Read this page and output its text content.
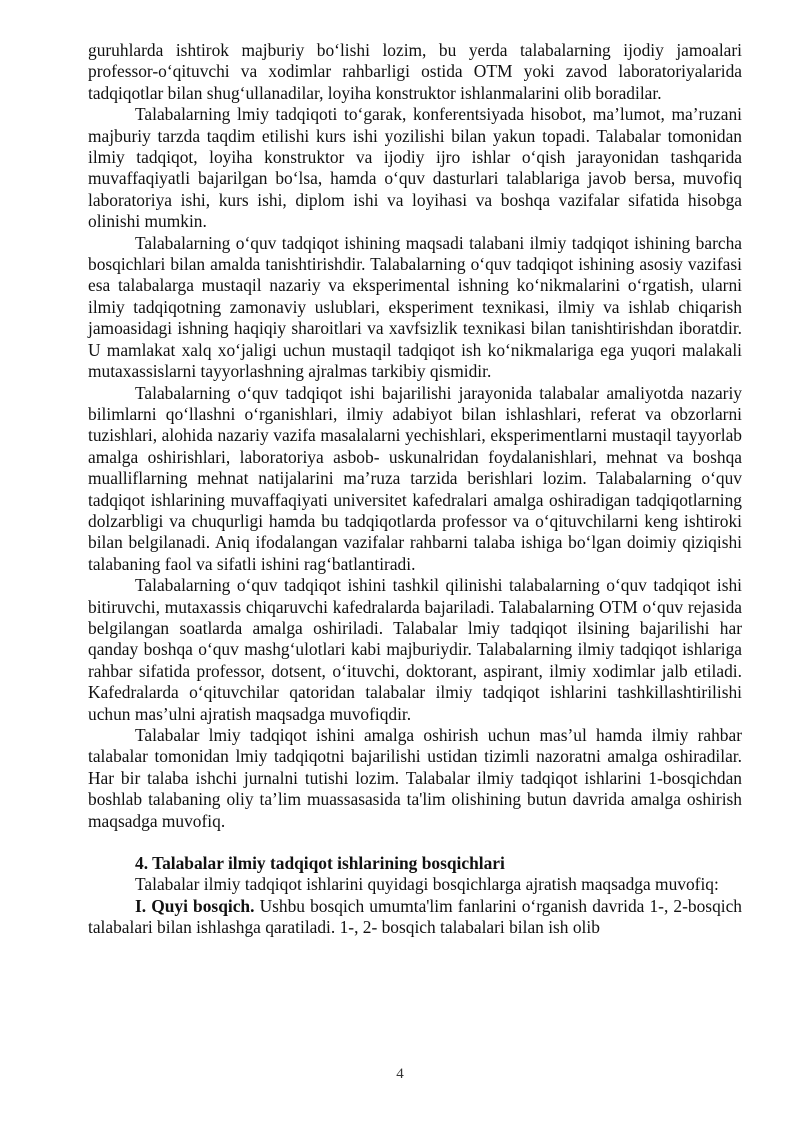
guruhlarda ishtirok majburiy bo‘lishi lozim, bu yerda talabalarning ijodiy jamoalari professor-o‘qituvchi va xodimlar rahbarligi ostida OTM yoki zavod laboratoriyalarida tadqiqotlar bilan shug‘ullanadilar, loyiha konstruktor ishlanmalarini olib boradilar.

Talabalarning lmiy tadqiqoti to‘garak, konferentsiyada hisobot, ma’lumot, ma’ruzani majburiy tarzda taqdim etilishi kurs ishi yozilishi bilan yakun topadi. Talabalar tomonidan ilmiy tadqiqot, loyiha konstruktor va ijodiy ijro ishlar o‘qish jarayonidan tashqarida muvaffaqiyatli bajarilgan bo‘lsa, hamda o‘quv dasturlari talablariga javob bersa, muvofiq laboratoriya ishi, kurs ishi, diplom ishi va loyihasi va boshqa vazifalar sifatida hisobga olinishi mumkin.

Talabalarning o‘quv tadqiqot ishining maqsadi talabani ilmiy tadqiqot ishining barcha bosqichlari bilan amalda tanishtirishdir. Talabalarning o‘quv tadqiqot ishining asosiy vazifasi esa talabalarga mustaqil nazariy va eksperimental ishning ko‘nikmalarini o‘rgatish, ularni ilmiy tadqiqotning zamonaviy uslublari, eksperiment texnikasi, ilmiy va ishlab chiqarish jamoasidagi ishning haqiqiy sharoitlari va xavfsizlik texnikasi bilan tanishtirishdan iboratdir. U mamlakat xalq xo‘jaligi uchun mustaqil tadqiqot ish ko‘nikmalariga ega yuqori malakali mutaxassislarni tayyorlashning ajralmas tarkibiy qismidir.

Talabalarning o‘quv tadqiqot ishi bajarilishi jarayonida talabalar amaliyotda nazariy bilimlarni qo‘llashni o‘rganishlari, ilmiy adabiyot bilan ishlashlari, referat va obzorlarni tuzishlari, alohida nazariy vazifa masalalarni yechishlari, eksperimentlarni mustaqil tayyorlab amalga oshirishlari, laboratoriya asbob- uskunalridan foydalanishlari, mehnat va boshqa mualliflarning mehnat natijalarini ma’ruza tarzida berishlari lozim. Talabalarning o‘quv tadqiqot ishlarining muvaffaqiyati universitet kafedralari amalga oshiradigan tadqiqotlarning dolzarbligi va chuqurligi hamda bu tadqiqotlarda professor va o‘qituvchilarni keng ishtiroki bilan belgilanadi. Aniq ifodalangan vazifalar rahbarni talaba ishiga bo‘lgan doimiy qiziqishi talabaning faol va sifatli ishini rag‘batlantiradi.

Talabalarning o‘quv tadqiqot ishini tashkil qilinishi talabalarning o‘quv tadqiqot ishi bitiruvchi, mutaxassis chiqaruvchi kafedralarda bajariladi. Talabalarning OTM o‘quv rejasida belgilangan soatlarda amalga oshiriladi. Talabalar lmiy tadqiqot ilsining bajarilishi har qanday boshqa o‘quv mashg‘ulotlari kabi majburiydir. Talabalarning ilmiy tadqiqot ishlariga rahbar sifatida professor, dotsent, o‘ituvchi, doktorant, aspirant, ilmiy xodimlar jalb etiladi. Kafedralarda o‘qituvchilar qatoridan talabalar ilmiy tadqiqot ishlarini tashkillashtirilishi uchun mas’ulni ajratish maqsadga muvofiqdir.

Talabalar lmiy tadqiqot ishini amalga oshirish uchun mas’ul hamda ilmiy rahbar talabalar tomonidan lmiy tadqiqotni bajarilishi ustidan tizimli nazoratni amalga oshiradilar. Har bir talaba ishchi jurnalni tutishi lozim. Talabalar ilmiy tadqiqot ishlarini 1-bosqichdan boshlab talabaning oliy ta’lim muassasasida ta'lim olishining butun davrida amalga oshirish maqsadga muvofiq.

4. Talabalar ilmiy tadqiqot ishlarining bosqichlari

Talabalar ilmiy tadqiqot ishlarini quyidagi bosqichlarga ajratish maqsadga muvofiq:

I. Quyi bosqich. Ushbu bosqich umumta'lim fanlarini o‘rganish davrida 1-, 2-bosqich talabalari bilan ishlashga qaratiladi. 1-, 2- bosqich talabalari bilan ish olib

4
